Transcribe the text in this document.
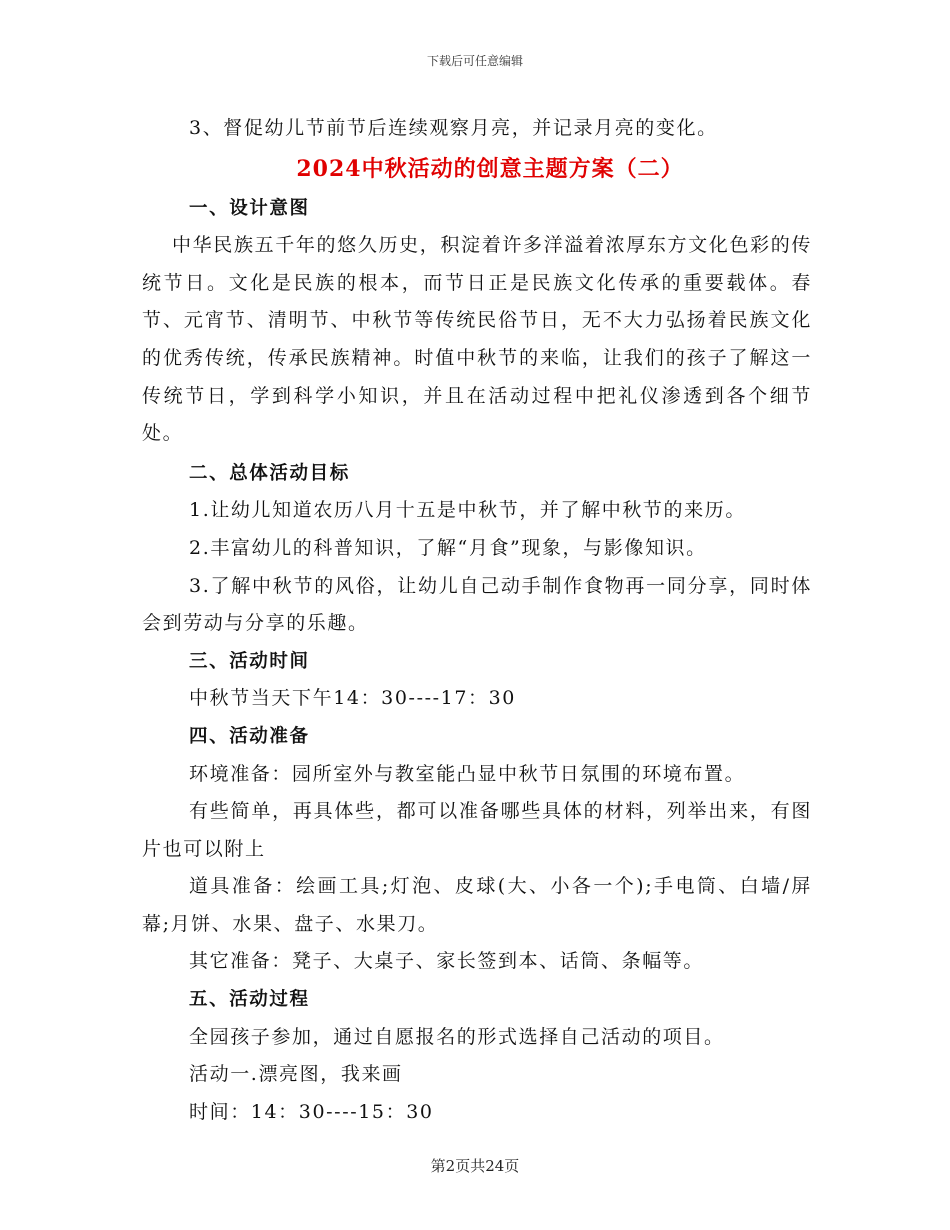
下载后可任意编辑
3、督促幼儿节前节后连续观察月亮，并记录月亮的变化。
2024中秋活动的创意主题方案（二）
一、设计意图
中华民族五千年的悠久历史，积淀着许多洋溢着浓厚东方文化色彩的传统节日。文化是民族的根本，而节日正是民族文化传承的重要载体。春节、元宵节、清明节、中秋节等传统民俗节日，无不大力弘扬着民族文化的优秀传统，传承民族精神。时值中秋节的来临，让我们的孩子了解这一传统节日，学到科学小知识，并且在活动过程中把礼仪渗透到各个细节处。
二、总体活动目标
1.让幼儿知道农历八月十五是中秋节，并了解中秋节的来历。
2.丰富幼儿的科普知识，了解“月食”现象，与影像知识。
3.了解中秋节的风俗，让幼儿自己动手制作食物再一同分享，同时体会到劳动与分享的乐趣。
三、活动时间
中秋节当天下午14：30----17：30
四、活动准备
环境准备：园所室外与教室能凸显中秋节日氛围的环境布置。
有些简单，再具体些，都可以准备哪些具体的材料，列举出来，有图片也可以附上
道具准备：绘画工具;灯泡、皮球(大、小各一个);手电筒、白墙/屏幕;月饼、水果、盘子、水果刀。
其它准备：凳子、大桌子、家长签到本、话筒、条幅等。
五、活动过程
全园孩子参加，通过自愿报名的形式选择自己活动的项目。
活动一.漂亮图，我来画
时间：14：30----15：30
第2页共24页
